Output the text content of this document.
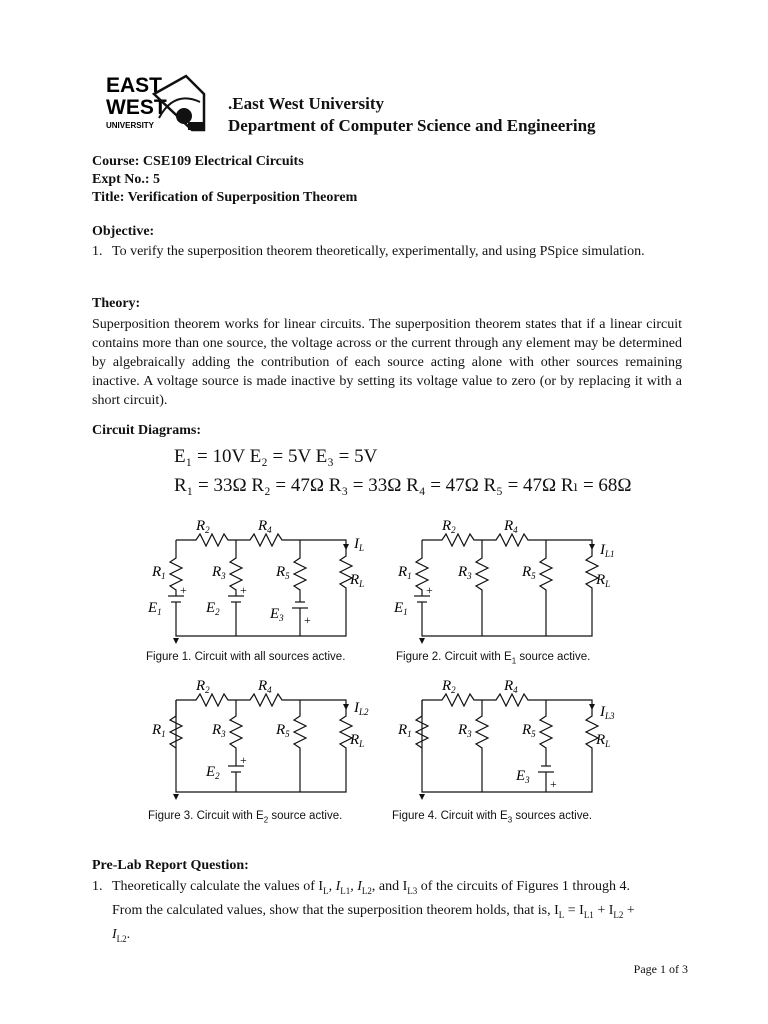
EAST
WEST
UNIVERSITY
.East West University
Department of Computer Science and Engineering
Course: CSE109 Electrical Circuits
Expt No.: 5
Title: Verification of Superposition Theorem
Objective:
1. To verify the superposition theorem theoretically, experimentally, and using PSpice simulation.
Theory:
Superposition theorem works for linear circuits. The superposition theorem states that if a linear circuit contains more than one source, the voltage across or the current through any element may be determined by algebraically adding the contribution of each source acting alone with other sources remaining inactive. A voltage source is made inactive by setting its voltage value to zero (or by replacing it with a short circuit).
Circuit Diagrams:
E₁ = 10V E₂ = 5V E₃ = 5V
R₁ = 33Ω R₂ = 47Ω R₃ = 33Ω R₄ = 47Ω R₅ = 47Ω Rₗ = 68Ω
$R_2$	$R_4$
$R_1$	$R_3$	$R_5$	$R_L$
$I_L$
$E_1$	$E_2$	$E_3$
+	+
+
Figure 1. Circuit with all sources active.
$R_2$	$R_4$
$R_1$	$R_3$	$R_5$	$R_L$
$I_{L1}$
$E_1$
+
Figure 2. Circuit with $E_1$ source active.
$R_2$	$R_4$
$R_1$	$R_3$	$R_5$	$R_L$
$I_{L2}$
$E_2$
+
Figure 3. Circuit with $E_2$ source active.
$R_2$	$R_4$
$R_1$	$R_3$	$R_5$	$R_L$
$I_{L3}$
$E_3$ +
Figure 4. Circuit with $E_3$ sources active.
Pre-Lab Report Question:
1. Theoretically calculate the values of $I_L$, $I_{L1}$, $I_{L2}$, and $I_{L3}$ of the circuits of Figures 1 through 4.
From the calculated values, show that the superposition theorem holds, that is, $I_L = I_{L1} + I_{L2}$ +
$I_{L2}$.
Page 1 of 3
